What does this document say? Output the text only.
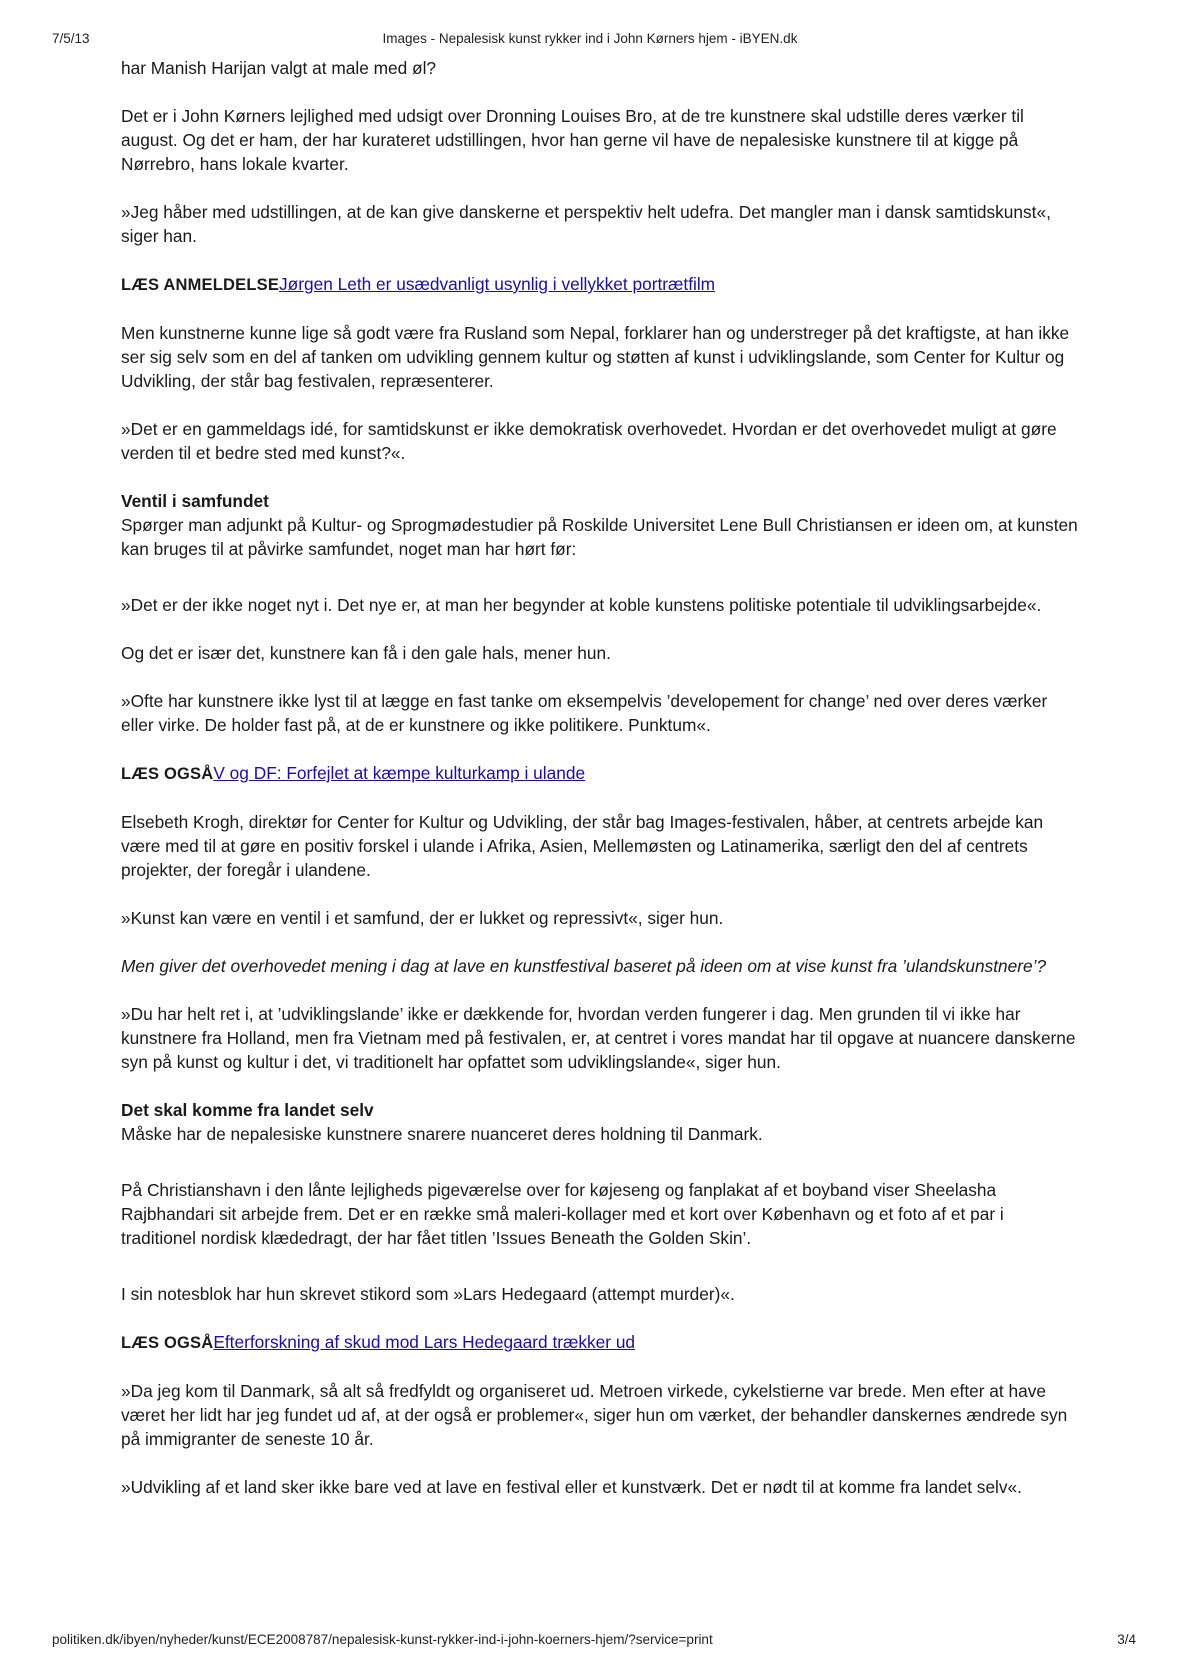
7/5/13	Images - Nepalesisk kunst rykker ind i John Kørners hjem - iBYEN.dk

har Manish Harijan valgt at male med øl?

Det er i John Kørners lejlighed med udsigt over Dronning Louises Bro, at de tre kunstnere skal udstille deres værker til august. Og det er ham, der har kurateret udstillingen, hvor han gerne vil have de nepalesiske kunstnere til at kigge på Nørrebro, hans lokale kvarter.

»Jeg håber med udstillingen, at de kan give danskerne et perspektiv helt udefra. Det mangler man i dansk samtidskunst«, siger han.

LÆS ANMELDELSEJørgen Leth er usædvanligt usynlig i vellykket portrætfilm

Men kunstnerne kunne lige så godt være fra Rusland som Nepal, forklarer han og understreger på det kraftigste, at han ikke ser sig selv som en del af tanken om udvikling gennem kultur og støtten af kunst i udviklingslande, som Center for Kultur og Udvikling, der står bag festivalen, repræsenterer.

»Det er en gammeldags idé, for samtidskunst er ikke demokratisk overhovedet. Hvordan er det overhovedet muligt at gøre verden til et bedre sted med kunst?«.

Ventil i samfundet

Spørger man adjunkt på Kultur- og Sprogmødestudier på Roskilde Universitet Lene Bull Christiansen er ideen om, at kunsten kan bruges til at påvirke samfundet, noget man har hørt før:

»Det er der ikke noget nyt i. Det nye er, at man her begynder at koble kunstens politiske potentiale til udviklingsarbejde«.

Og det er især det, kunstnere kan få i den gale hals, mener hun.

»Ofte har kunstnere ikke lyst til at lægge en fast tanke om eksempelvis ’developement for change’ ned over deres værker eller virke. De holder fast på, at de er kunstnere og ikke politikere. Punktum«.

LÆS OGSÅV og DF: Forfejlet at kæmpe kulturkamp i ulande

Elsebeth Krogh, direktør for Center for Kultur og Udvikling, der står bag Images-festivalen, håber, at centrets arbejde kan være med til at gøre en positiv forskel i ulande i Afrika, Asien, Mellemøsten og Latinamerika, særligt den del af centrets projekter, der foregår i ulandene.

»Kunst kan være en ventil i et samfund, der er lukket og repressivt«, siger hun.

Men giver det overhovedet mening i dag at lave en kunstfestival baseret på ideen om at vise kunst fra ’ulandskunstnere’?

»Du har helt ret i, at ’udviklingslande’ ikke er dækkende for, hvordan verden fungerer i dag. Men grunden til vi ikke har kunstnere fra Holland, men fra Vietnam med på festivalen, er, at centret i vores mandat har til opgave at nuancere danskerne syn på kunst og kultur i det, vi traditionelt har opfattet som udviklingslande«, siger hun.

Det skal komme fra landet selv

Måske har de nepalesiske kunstnere snarere nuanceret deres holdning til Danmark.

På Christianshavn i den lånte lejligheds pigeværelse over for køjeseng og fanplakat af et boyband viser Sheelasha Rajbhandari sit arbejde frem. Det er en række små maleri-kollager med et kort over København og et foto af et par i traditionel nordisk klædedragt, der har fået titlen ’Issues Beneath the Golden Skin’.

I sin notesblok har hun skrevet stikord som »Lars Hedegaard (attempt murder)«.

LÆS OGSÅEfterforskning af skud mod Lars Hedegaard trækker ud

»Da jeg kom til Danmark, så alt så fredfyldt og organiseret ud. Metroen virkede, cykelstierne var brede. Men efter at have været her lidt har jeg fundet ud af, at der også er problemer«, siger hun om værket, der behandler danskernes ændrede syn på immigranter de seneste 10 år.

»Udvikling af et land sker ikke bare ved at lave en festival eller et kunstværk. Det er nødt til at komme fra landet selv«.

politiken.dk/ibyen/nyheder/kunst/ECE2008787/nepalesisk-kunst-rykker-ind-i-john-koerners-hjem/?service=print	3/4
